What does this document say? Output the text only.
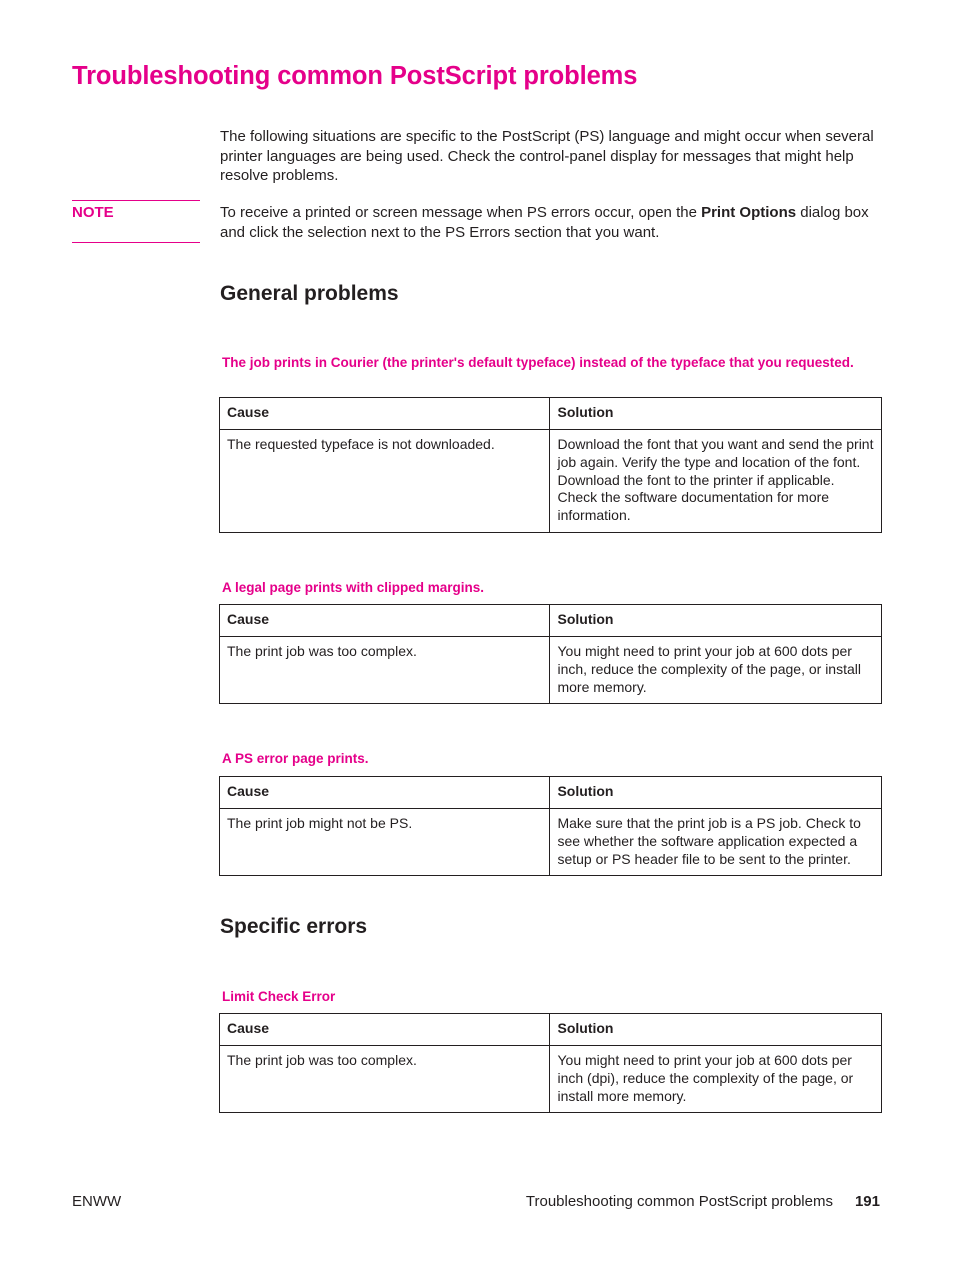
Troubleshooting common PostScript problems

The following situations are specific to the PostScript (PS) language and might occur when several printer languages are being used. Check the control-panel display for messages that might help resolve problems.

NOTE	To receive a printed or screen message when PS errors occur, open the Print Options dialog box and click the selection next to the PS Errors section that you want.

General problems

The job prints in Courier (the printer's default typeface) instead of the typeface that you requested.

Cause	Solution
The requested typeface is not downloaded.	Download the font that you want and send the print job again. Verify the type and location of the font. Download the font to the printer if applicable. Check the software documentation for more information.

A legal page prints with clipped margins.

Cause	Solution
The print job was too complex.	You might need to print your job at 600 dots per inch, reduce the complexity of the page, or install more memory.

A PS error page prints.

Cause	Solution
The print job might not be PS.	Make sure that the print job is a PS job. Check to see whether the software application expected a setup or PS header file to be sent to the printer.
Specific errors

Limit Check Error

Cause	Solution
The print job was too complex.	You might need to print your job at 600 dots per inch (dpi), reduce the complexity of the page, or install more memory.
ENWW	Troubleshooting common PostScript problems 191
